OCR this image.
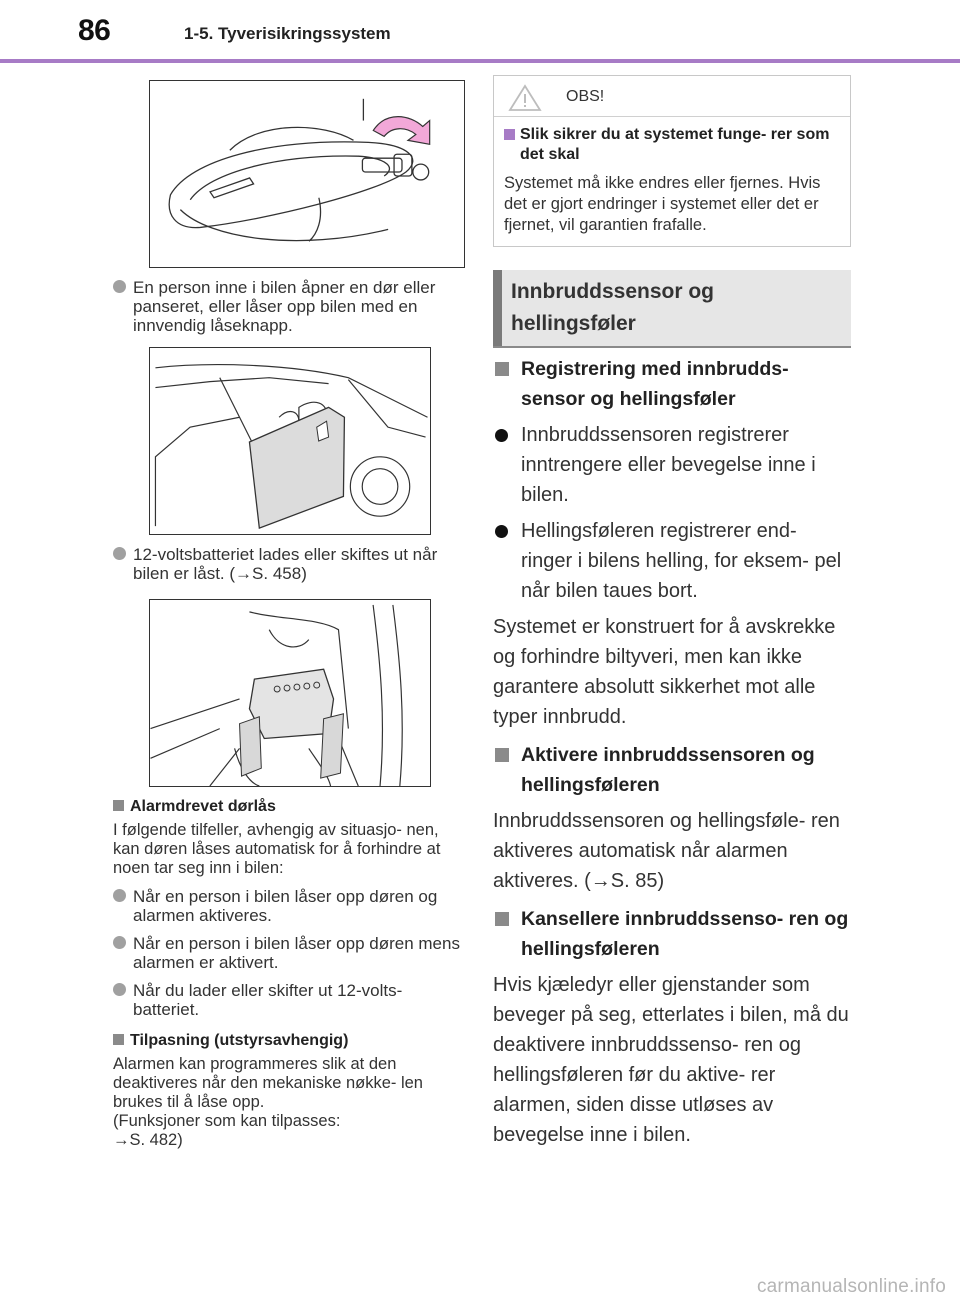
86	1-5. Tyverisikringssystem
En person inne i bilen åpner en dør eller panseret, eller låser opp bilen med en innvendig låseknapp.
12-voltsbatteriet lades eller skiftes ut når bilen er låst. (→S. 458)
Alarmdrevet dørlås
I følgende tilfeller, avhengig av situasjo- nen, kan døren låses automatisk for å forhindre at noen tar seg inn i bilen:
Når en person i bilen låser opp døren og alarmen aktiveres.
Når en person i bilen låser opp døren mens alarmen er aktivert.
Når du lader eller skifter ut 12-volts- batteriet.
Tilpasning (utstyrsavhengig)
Alarmen kan programmeres slik at den deaktiveres når den mekaniske nøkke- len brukes til å låse opp.
(Funksjoner som kan tilpasses:
→S. 482)
OBS!
Slik sikrer du at systemet funge- rer som det skal
Systemet må ikke endres eller fjernes. Hvis det er gjort endringer i systemet eller det er fjernet, vil garantien frafalle.
Innbruddssensor og hellingsføler
Registrering med innbrudds- sensor og hellingsføler
Innbruddssensoren registrerer inntrengere eller bevegelse inne i bilen.
Hellingsføleren registrerer end- ringer i bilens helling, for eksem- pel når bilen taues bort.
Systemet er konstruert for å avskrekke og forhindre biltyveri, men kan ikke garantere absolutt sikkerhet mot alle typer innbrudd.
Aktivere innbruddssensoren og hellingsføleren
Innbruddssensoren og hellingsføle- ren aktiveres automatisk når alarmen aktiveres. (→S. 85)
Kansellere innbruddssenso- ren og hellingsføleren
Hvis kjæledyr eller gjenstander som beveger på seg, etterlates i bilen, må du deaktivere innbruddssenso- ren og hellingsføleren før du aktive- rer alarmen, siden disse utløses av bevegelse inne i bilen.
carmanualsonline.info
